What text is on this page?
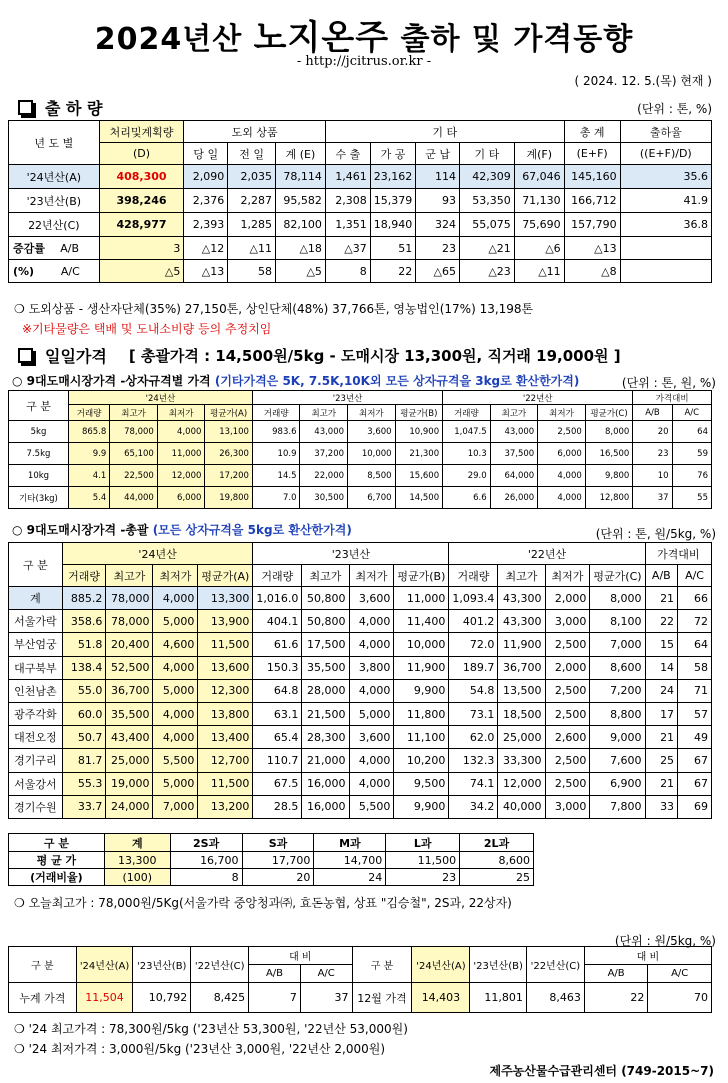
2024년산 노지온주 출하 및 가격동향
- http://jcitrus.or.kr -
( 2024. 12. 5.(목) 현재 )
출 하 량	(단위 : 톤, %)
년 도 별	처리및계획량	도외 상품			기 타					총 계	출하율
	(D)	당 일	전 일	계 (E)	수 출	가 공	군 납	기 타	계(F)	(E+F)	((E+F)/D)
'24년산(A)	408,300	2,090	2,035	78,114	1,461	23,162	114	42,309	67,046	145,160	35.6
'23년산(B)	398,246	2,376	2,287	95,582	2,308	15,379	93	53,350	71,130	166,712	41.9
22년산(C)	428,977	2,393	1,285	82,100	1,351	18,940	324	55,075	75,690	157,790	36.8
증감률 A/B	3	△12	△11	△18	△37	51	23	△21	△6	△13	
(%) A/C	△5	△13	58	△5	8	22	△65	△23	△11	△8	
❍ 도외상품 - 생산자단체(35%) 27,150톤, 상인단체(48%) 37,766톤, 영농법인(17%) 13,198톤
※기타물량은 택배 및 도내소비량 등의 추정치임
일일가격 [ 총괄가격 : 14,500원/5kg - 도매시장 13,300원, 직거래 19,000원 ]
○ 9대도매시장가격 -상자규격별 가격 (기타가격은 5K, 7.5K,10K외 모든 상자규격을 3kg로 환산한가격)	(단위 : 톤, 원, %)
구 분	'24년산				'23년산				'22년산				가격대비	
	거래량	최고가	최저가	평균가(A)	거래량	최고가	최저가	평균가(B)	거래량	최고가	최저가	평균가(C)	A/B	A/C
5kg	865.8	78,000	4,000	13,100	983.6	43,000	3,600	10,900	1,047.5	43,000	2,500	8,000	20	64
7.5kg	9.9	65,100	11,000	26,300	10.9	37,200	10,000	21,300	10.3	37,500	6,000	16,500	23	59
10kg	4.1	22,500	12,000	17,200	14.5	22,000	8,500	15,600	29.0	64,000	4,000	9,800	10	76
기타(3kg)	5.4	44,000	6,000	19,800	7.0	30,500	6,700	14,500	6.6	26,000	4,000	12,800	37	55
○ 9대도매시장가격 -총괄 (모든 상자규격을 5kg로 환산한가격)	(단위 : 톤, 원/5kg, %)
구 분	'24년산				'23년산				'22년산				가격대비	
	거래량	최고가	최저가	평균가(A)	거래량	최고가	최저가	평균가(B)	거래량	최고가	최저가	평균가(C)	A/B	A/C
계	885.2	78,000	4,000	13,300	1,016.0	50,800	3,600	11,000	1,093.4	43,300	2,000	8,000	21	66
서울가락	358.6	78,000	5,000	13,900	404.1	50,800	4,000	11,400	401.2	43,300	3,000	8,100	22	72
부산엄궁	51.8	20,400	4,600	11,500	61.6	17,500	4,000	10,000	72.0	11,900	2,500	7,000	15	64
대구북부	138.4	52,500	4,000	13,600	150.3	35,500	3,800	11,900	189.7	36,700	2,000	8,600	14	58
인천남촌	55.0	36,700	5,000	12,300	64.8	28,000	4,000	9,900	54.8	13,500	2,500	7,200	24	71
광주각화	60.0	35,500	4,000	13,800	63.1	21,500	5,000	11,800	73.1	18,500	2,500	8,800	17	57
대전오정	50.7	43,400	4,000	13,400	65.4	28,300	3,600	11,100	62.0	25,000	2,600	9,000	21	49
경기구리	81.7	25,000	5,500	12,700	110.7	21,000	4,000	10,200	132.3	33,300	2,500	7,600	25	67
서울강서	55.3	19,000	5,000	11,500	67.5	16,000	4,000	9,500	74.1	12,000	2,500	6,900	21	67
경기수원	33.7	24,000	7,000	13,200	28.5	16,000	5,500	9,900	34.2	40,000	3,000	7,800	33	69
구 분	계	2S과	S과	M과	L과	2L과
평 균 가	13,300	16,700	17,700	14,700	11,500	8,600
(거래비율)	(100)	8	20	24	23	25
❍ 오늘최고가 : 78,000원/5Kg(서울가락 중앙청과㈜, 효돈농협, 상표 "김승철", 2S과, 22상자)
(단위 : 원/5kg, %)
구 분	'24년산(A)	'23년산(B)	'22년산(C)	대 비		구 분	'24년산(A)	'23년산(B)	'22년산(C)	대 비	
				A/B	A/C					A/B	A/C
누계 가격	11,504	10,792	8,425	7	37	12월 가격	14,403	11,801	8,463	22	70
❍ '24 최고가격 : 78,300원/5kg ('23년산 53,300원, '22년산 53,000원)
❍ '24 최저가격 : 3,000원/5kg ('23년산 3,000원, '22년산 2,000원)
제주농산물수급관리센터 (749-2015~7)
